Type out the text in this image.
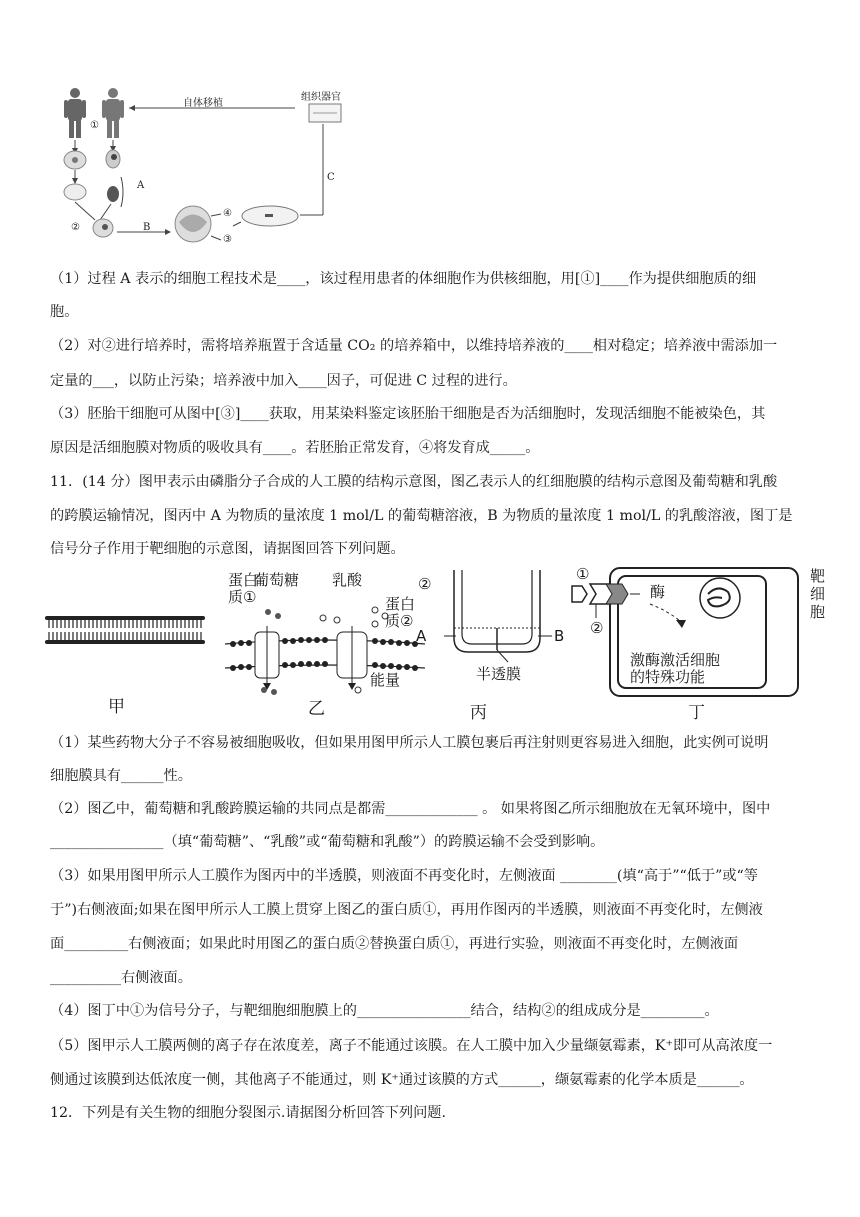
自体移植
组织器官
①
A
B
C
②
④
③
（1）过程 A 表示的细胞工程技术是____，该过程用患者的体细胞作为供核细胞，用[①]____作为提供细胞质的细
胞。
（2）对②进行培养时，需将培养瓶置于含适量 CO₂ 的培养箱中，以维持培养液的____相对稳定；培养液中需添加一
定量的___，以防止污染；培养液中加入____因子，可促进 C 过程的进行。
（3）胚胎干细胞可从图中[③]____获取，用某染料鉴定该胚胎干细胞是否为活细胞时，发现活细胞不能被染色，其
原因是活细胞膜对物质的吸收具有____。若胚胎正常发育，④将发育成_____。
11．(14 分）图甲表示由磷脂分子合成的人工膜的结构示意图，图乙表示人的红细胞膜的结构示意图及葡萄糖和乳酸
的跨膜运输情况，图丙中 A 为物质的量浓度 1 mol/L 的葡萄糖溶液，B 为物质的量浓度 1 mol/L 的乳酸溶液，图丁是
信号分子作用于靶细胞的示意图，请据图回答下列问题。
甲
蛋白
质①
葡萄糖 乳酸
蛋白
质②
能量
乙
②
A	B
半透膜
丙
①
②
酶
靶
细
胞
激酶激活细胞
的特殊功能
丁
（1）某些药物大分子不容易被细胞吸收，但如果用图甲所示人工膜包裹后再注射则更容易进入细胞，此实例可说明
细胞膜具有______性。
（2）图乙中，葡萄糖和乳酸跨膜运输的共同点是都需_____________ 。 如果将图乙所示细胞放在无氧环境中，图中
________________（填“葡萄糖”、“乳酸”或“葡萄糖和乳酸”）的跨膜运输不会受到影响。
（3）如果用图甲所示人工膜作为图丙中的半透膜，则液面不再变化时，左侧液面 ________(填“高于”“低于”或“等
于”)右侧液面;如果在图甲所示人工膜上贯穿上图乙的蛋白质①，再用作图丙的半透膜，则液面不再变化时，左侧液
面_________右侧液面；如果此时用图乙的蛋白质②替换蛋白质①，再进行实验，则液面不再变化时，左侧液面
__________右侧液面。
（4）图丁中①为信号分子，与靶细胞细胞膜上的________________结合，结构②的组成成分是_________。
（5）图甲示人工膜两侧的离子存在浓度差，离子不能通过该膜。在人工膜中加入少量缬氨霉素，K⁺即可从高浓度一
侧通过该膜到达低浓度一侧，其他离子不能通过，则 K⁺通过该膜的方式______，缬氨霉素的化学本质是______。
12．下列是有关生物的细胞分裂图示.请据图分析回答下列问题.
